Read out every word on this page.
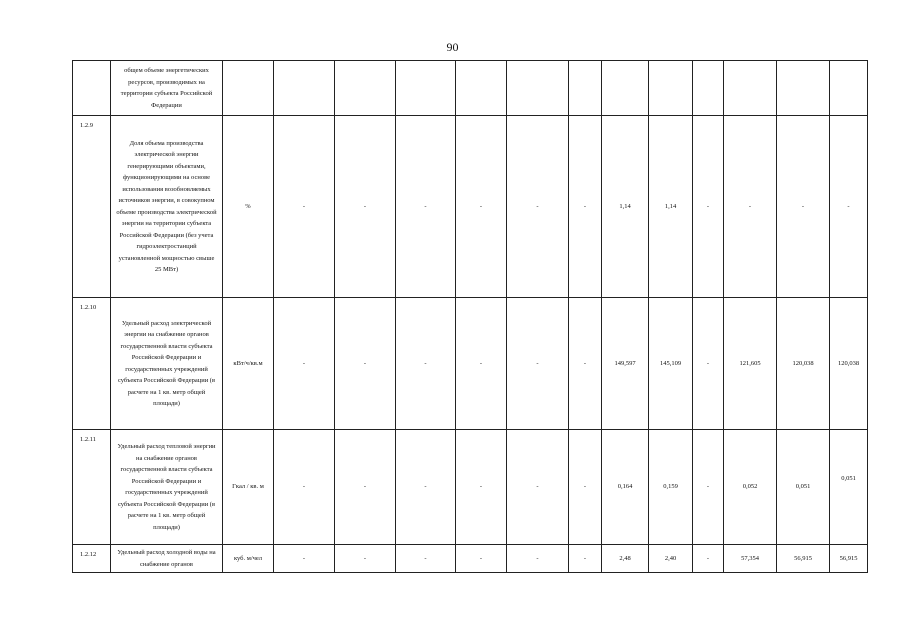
90
	общем объеме энергетических ресурсов, производимых на территории субъекта Российской Федерации													
1.2.9	Доля объема производства электрической энергии генерирующими объектами, функционирующими на основе использования возобновляемых источников энергии, в совокупном объеме производства электрической энергии на территории субъекта Российской Федерации (без учета гидроэлектростанций установленной мощностью свыше 25 МВт)	%	-	-	-	-	-	-	1,14	1,14	-	-	-	-
1.2.10	Удельный расход электрической энергии на снабжение органов государственной власти субъекта Российской Федерации и государственных учреждений субъекта Российской Федерации (в расчете на 1 кв. метр общей площади)	кВт/ч/кв.м	-	-	-	-	-	-	149,597	145,109	-	121,605	120,038	120,038
1.2.11	Удельный расход тепловой энергии на снабжение органов государственной власти субъекта Российской Федерации и государственных учреждений субъекта Российской Федерации (в расчете на 1 кв. метр общей площади)	Гкал / кв. м	-	-	-	-	-	-	0,164	0,159	-	0,052	0,051	0,051
1.2.12	Удельный расход холодной воды на снабжение органов	куб. м/чел	-	-	-	-	-	-	2,48	2,40	-	57,354	56,915	56,915
